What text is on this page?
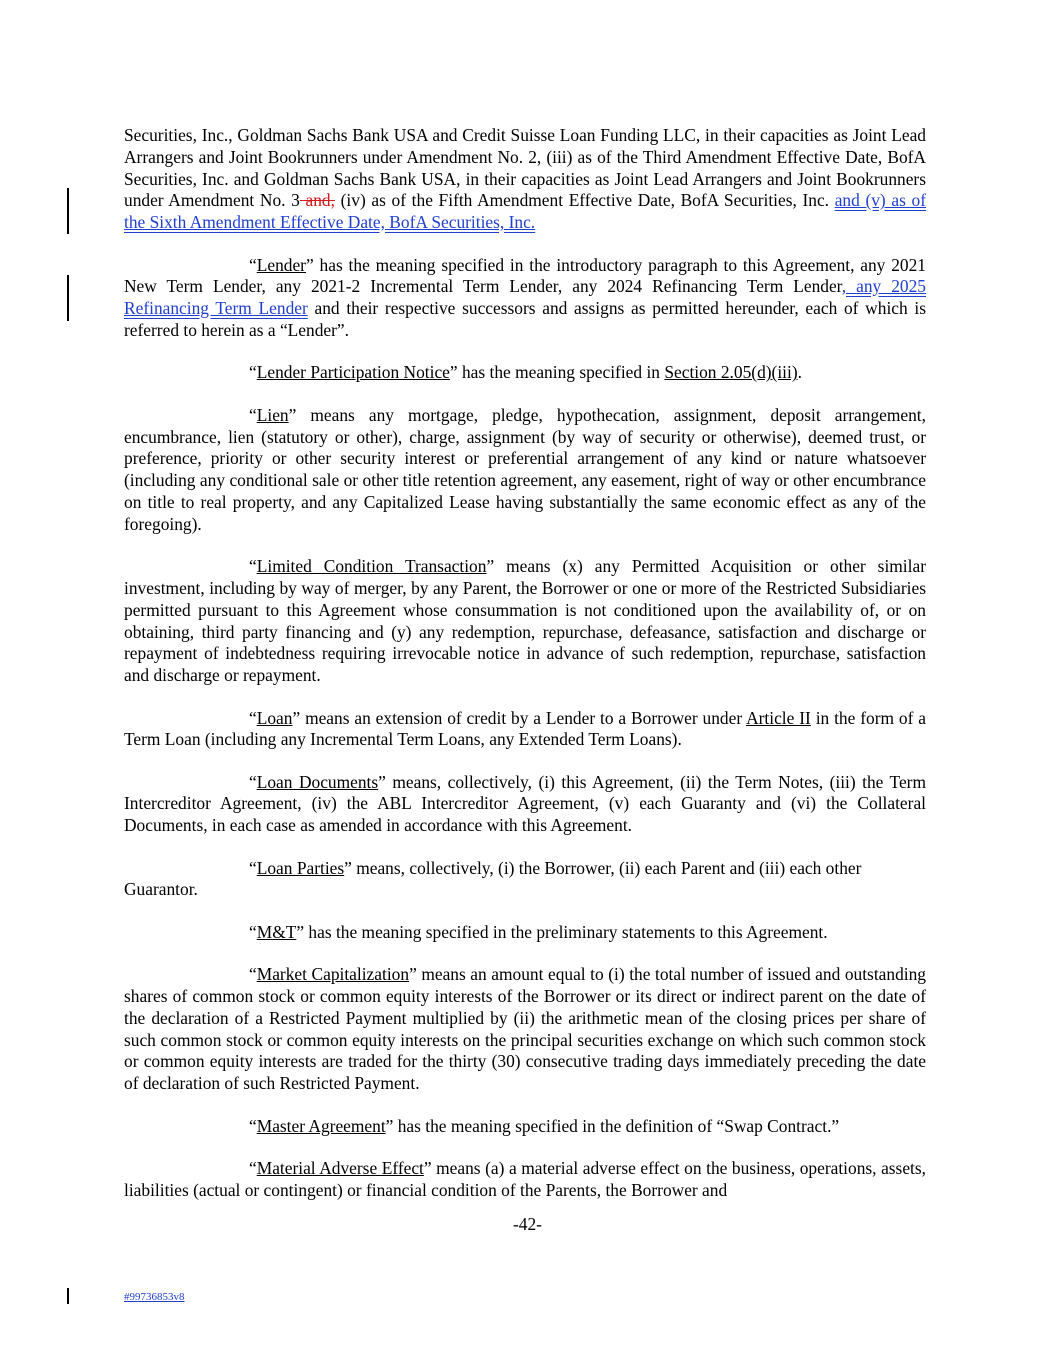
Securities, Inc., Goldman Sachs Bank USA and Credit Suisse Loan Funding LLC, in their capacities as Joint Lead Arrangers and Joint Bookrunners under Amendment No. 2, (iii) as of the Third Amendment Effective Date, BofA Securities, Inc. and Goldman Sachs Bank USA, in their capacities as Joint Lead Arrangers and Joint Bookrunners under Amendment No. 3 and, (iv) as of the Fifth Amendment Effective Date, BofA Securities, Inc. and (v) as of the Sixth Amendment Effective Date, BofA Securities, Inc.

“Lender” has the meaning specified in the introductory paragraph to this Agreement, any 2021 New Term Lender, any 2021-2 Incremental Term Lender, any 2024 Refinancing Term Lender, any 2025 Refinancing Term Lender and their respective successors and assigns as permitted hereunder, each of which is referred to herein as a “Lender”.

“Lender Participation Notice” has the meaning specified in Section 2.05(d)(iii).

“Lien” means any mortgage, pledge, hypothecation, assignment, deposit arrangement, encumbrance, lien (statutory or other), charge, assignment (by way of security or otherwise), deemed trust, or preference, priority or other security interest or preferential arrangement of any kind or nature whatsoever (including any conditional sale or other title retention agreement, any easement, right of way or other encumbrance on title to real property, and any Capitalized Lease having substantially the same economic effect as any of the foregoing).

“Limited Condition Transaction” means (x) any Permitted Acquisition or other similar investment, including by way of merger, by any Parent, the Borrower or one or more of the Restricted Subsidiaries permitted pursuant to this Agreement whose consummation is not conditioned upon the availability of, or on obtaining, third party financing and (y) any redemption, repurchase, defeasance, satisfaction and discharge or repayment of indebtedness requiring irrevocable notice in advance of such redemption, repurchase, satisfaction and discharge or repayment.

“Loan” means an extension of credit by a Lender to a Borrower under Article II in the form of a Term Loan (including any Incremental Term Loans, any Extended Term Loans).

“Loan Documents” means, collectively, (i) this Agreement, (ii) the Term Notes, (iii) the Term Intercreditor Agreement, (iv) the ABL Intercreditor Agreement, (v) each Guaranty and (vi) the Collateral Documents, in each case as amended in accordance with this Agreement.

“Loan Parties” means, collectively, (i) the Borrower, (ii) each Parent and (iii) each other
Guarantor.

“M&T” has the meaning specified in the preliminary statements to this Agreement.

“Market Capitalization” means an amount equal to (i) the total number of issued and outstanding shares of common stock or common equity interests of the Borrower or its direct or indirect parent on the date of the declaration of a Restricted Payment multiplied by (ii) the arithmetic mean of the closing prices per share of such common stock or common equity interests on the principal securities exchange on which such common stock or common equity interests are traded for the thirty (30) consecutive trading days immediately preceding the date of declaration of such Restricted Payment.

“Master Agreement” has the meaning specified in the definition of “Swap Contract.”

“Material Adverse Effect” means (a) a material adverse effect on the business, operations, assets, liabilities (actual or contingent) or financial condition of the Parents, the Borrower and

-42-
#99736853v8
